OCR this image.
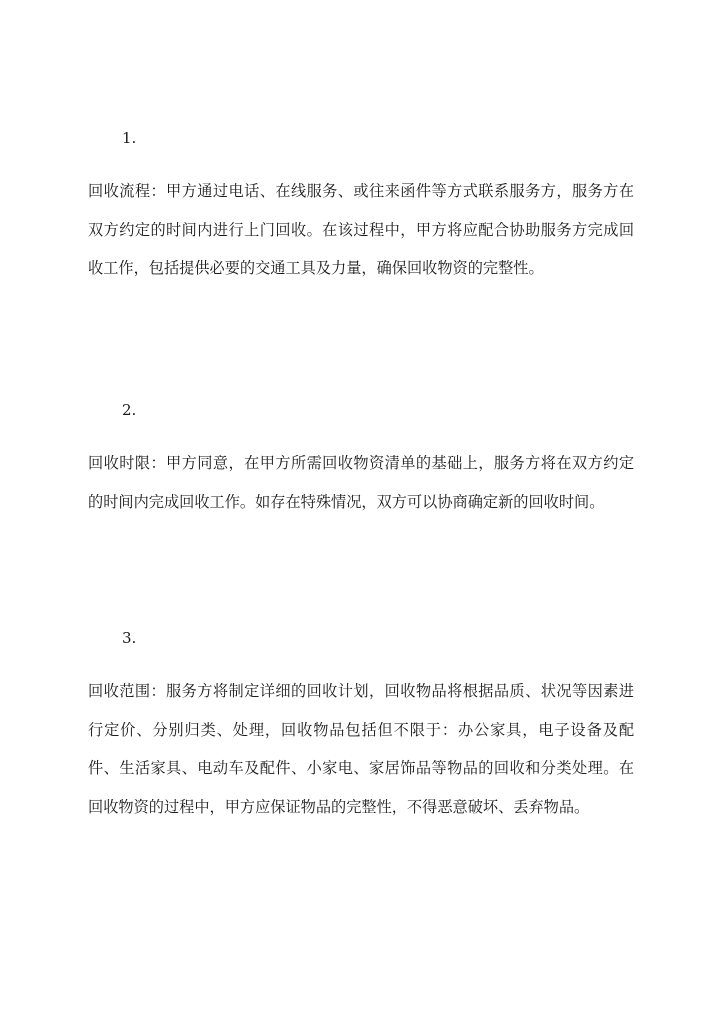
1.

回收流程：甲方通过电话、在线服务、或往来函件等方式联系服务方，服务方在双方约定的时间内进行上门回收。在该过程中，甲方将应配合协助服务方完成回收工作，包括提供必要的交通工具及力量，确保回收物资的完整性。

2.

回收时限：甲方同意，在甲方所需回收物资清单的基础上，服务方将在双方约定的时间内完成回收工作。如存在特殊情况，双方可以协商确定新的回收时间。

3.

回收范围：服务方将制定详细的回收计划，回收物品将根据品质、状况等因素进行定价、分别归类、处理，回收物品包括但不限于：办公家具，电子设备及配件、生活家具、电动车及配件、小家电、家居饰品等物品的回收和分类处理。在回收物资的过程中，甲方应保证物品的完整性，不得恶意破坏、丢弃物品。
